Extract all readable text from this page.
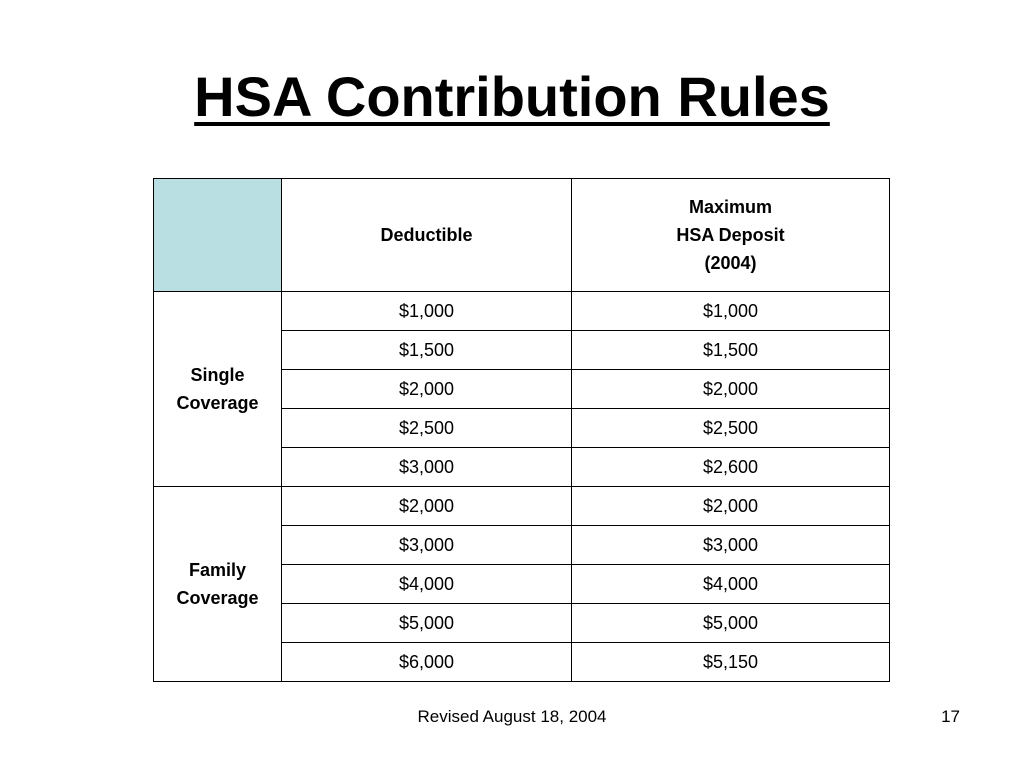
HSA Contribution Rules
	Deductible	Maximum
HSA Deposit
(2004)

Single
Coverage	$1,000	$1,000
	$1,500	$1,500
	$2,000	$2,000
	$2,500	$2,500
	$3,000	$2,600

Family
Coverage	$2,000	$2,000
	$3,000	$3,000
	$4,000	$4,000
	$5,000	$5,000
	$6,000	$5,150
Revised August 18, 2004	17
